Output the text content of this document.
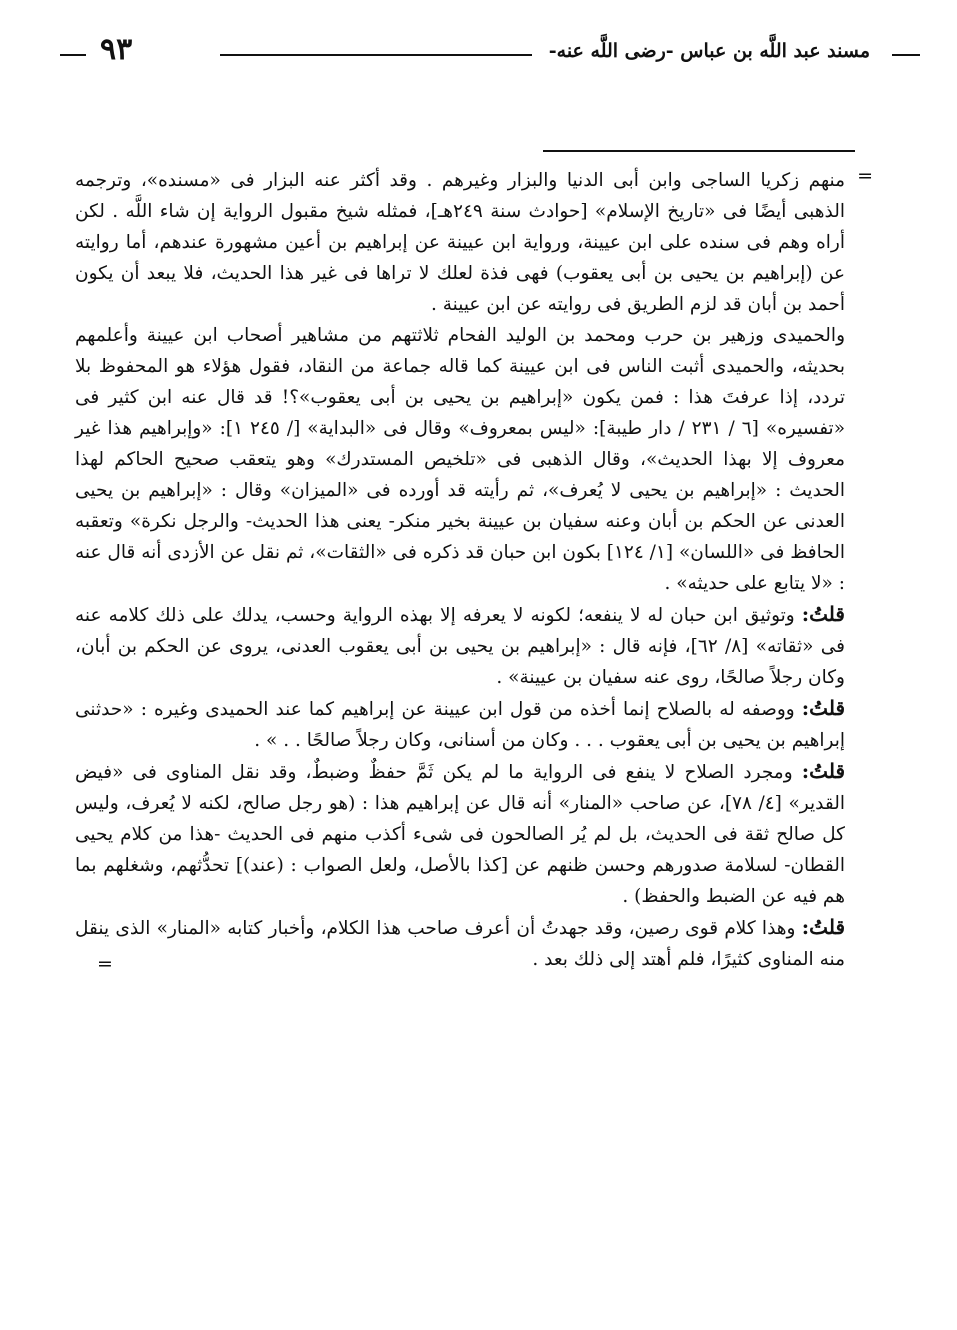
مسند عبد اللَّه بن عباس -رضى اللَّه عنه-
٩٣
=

منهم زكريا الساجى وابن أبى الدنيا والبزار وغيرهم . وقد أكثر عنه البزار فى «مسنده»، وترجمه الذهبى أيضًا فى «تاريخ الإسلام» [حوادث سنة ٢٤٩هـ]، فمثله شيخ مقبول الرواية إن شاء اللَّه . لكن أراه وهم فى سنده على ابن عيينة، ورواية ابن عيينة عن إبراهيم بن أعين مشهورة عندهم، أما روايته عن (إبراهيم بن يحيى بن أبى يعقوب) فهى فذة لعلك لا تراها فى غير هذا الحديث، فلا يبعد أن يكون أحمد بن أبان قد لزم الطريق فى روايته عن ابن عيينة .

والحميدى وزهير بن حرب ومحمد بن الوليد الفحام ثلاثتهم من مشاهير أصحاب ابن عيينة وأعلمهم بحديثه، والحميدى أثبت الناس فى ابن عيينة كما قاله جماعة من النقاد، فقول هؤلاء هو المحفوظ بلا تردد، إذا عرفتَ هذا : فمن يكون «إبراهيم بن يحيى بن أبى يعقوب»؟! قد قال عنه ابن كثير فى «تفسيره» [٦ / ٢٣١ / دار طيبة]: «ليس بمعروف» وقال فى «البداية» [/ ٢٤٥ ١]: «وإبراهيم هذا غير معروف إلا بهذا الحديث»، وقال الذهبى فى «تلخيص المستدرك» وهو يتعقب صحيح الحاكم لهذا الحديث : «إبراهيم بن يحيى لا يُعرف»، ثم رأيته قد أورده فى «الميزان» وقال : «إبراهيم بن يحيى العدنى عن الحكم بن أبان وعنه سفيان بن عيينة بخير منكر- يعنى هذا الحديث- والرجل نكرة» وتعقبه الحافظ فى «اللسان» [١/ ١٢٤] بكون ابن حبان قد ذكره فى «الثقات»، ثم نقل عن الأزدى أنه قال عنه : «لا يتابع على حديثه» .

قلتُ: وتوثيق ابن حبان له لا ينفعه؛ لكونه لا يعرفه إلا بهذه الرواية وحسب، يدلك على ذلك كلامه عنه فى «ثقاته» [٨/ ٦٢]، فإنه قال : «إبراهيم بن يحيى بن أبى يعقوب العدنى، يروى عن الحكم بن أبان، وكان رجلاً صالحًا، روى عنه سفيان بن عيينة» .

قلتُ: ووصفه له بالصلاح إنما أخذه من قول ابن عيينة عن إبراهيم كما عند الحميدى وغيره : «حدثنى إبراهيم بن يحيى بن أبى يعقوب . . . وكان من أسنانى، وكان رجلاً صالحًا . . » .

قلتُ: ومجرد الصلاح لا ينفع فى الرواية ما لم يكن ثَمَّ حفظٌ وضبطٌ، وقد نقل المناوى فى «فيض القدير» [٤/ ٧٨]، عن صاحب «المنار» أنه قال عن إبراهيم هذا : (هو رجل صالح، لكنه لا يُعرف، وليس كل صالح ثقة فى الحديث، بل لم يُر الصالحون فى شىء أكذب منهم فى الحديث -هذا من كلام يحيى القطان- لسلامة صدورهم وحسن ظنهم عن [كذا بالأصل، ولعل الصواب : (عند)] تحدُّثهم، وشغلهم بما هم فيه عن الضبط والحفظ) .

قلتُ: وهذا كلام قوى رصين، وقد جهدتُ أن أعرف صاحب هذا الكلام، وأخبار كتابه «المنار» الذى ينقل منه المناوى كثيرًا، فلم أهتد إلى ذلك بعد .

=
